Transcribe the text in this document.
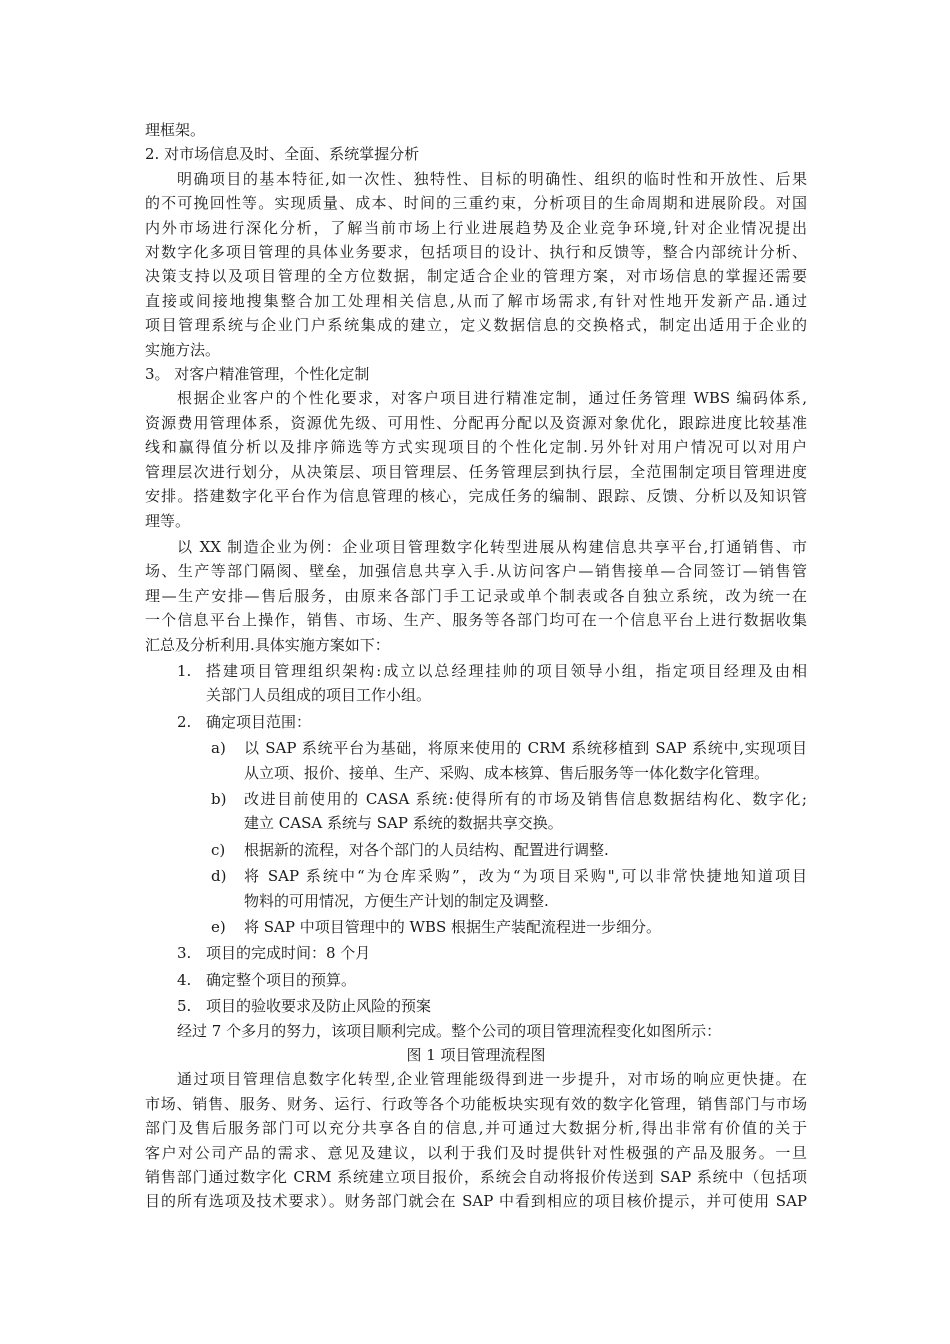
理框架。
2. 对市场信息及时、全面、系统掌握分析
明确项目的基本特征,如一次性、独特性、目标的明确性、组织的临时性和开放性、后果
的不可挽回性等。实现质量、成本、时间的三重约束，分析项目的生命周期和进展阶段。对国
内外市场进行深化分析，了解当前市场上行业进展趋势及企业竞争环境,针对企业情况提出
对数字化多项目管理的具体业务要求，包括项目的设计、执行和反馈等，整合内部统计分析、
决策支持以及项目管理的全方位数据，制定适合企业的管理方案，对市场信息的掌握还需要
直接或间接地搜集整合加工处理相关信息,从而了解市场需求,有针对性地开发新产品.通过
项目管理系统与企业门户系统集成的建立，定义数据信息的交换格式，制定出适用于企业的
实施方法。
3。 对客户精准管理，个性化定制
根据企业客户的个性化要求，对客户项目进行精准定制，通过任务管理 WBS 编码体系,
资源费用管理体系，资源优先级、可用性、分配再分配以及资源对象优化，跟踪进度比较基准
线和赢得值分析以及排序筛选等方式实现项目的个性化定制.另外针对用户情况可以对用户
管理层次进行划分，从决策层、项目管理层、任务管理层到执行层，全范围制定项目管理进度
安排。搭建数字化平台作为信息管理的核心，完成任务的编制、跟踪、反馈、分析以及知识管
理等。
以 XX 制造企业为例：企业项目管理数字化转型进展从构建信息共享平台,打通销售、市
场、生产等部门隔阂、壁垒，加强信息共享入手.从访问客户—销售接单—合同签订—销售管
理—生产安排—售后服务，由原来各部门手工记录或单个制表或各自独立系统，改为统一在
一个信息平台上操作，销售、市场、生产、服务等各部门均可在一个信息平台上进行数据收集
汇总及分析利用.具体实施方案如下：
1. 搭建项目管理组织架构:成立以总经理挂帅的项目领导小组，指定项目经理及由相
关部门人员组成的项目工作小组。
2. 确定项目范围：
a)	以 SAP 系统平台为基础，将原来使用的 CRM 系统移植到 SAP 系统中,实现项目
从立项、报价、接单、生产、采购、成本核算、售后服务等一体化数字化管理。
b)	改进目前使用的 CASA 系统:使得所有的市场及销售信息数据结构化、数字化;
建立 CASA 系统与 SAP 系统的数据共享交换。
c)	根据新的流程，对各个部门的人员结构、配置进行调整.
d)	将 SAP 系统中“为仓库采购”，改为“为项目采购",可以非常快捷地知道项目
物料的可用情况，方便生产计划的制定及调整.
e)	将 SAP 中项目管理中的 WBS 根据生产装配流程进一步细分。
3. 项目的完成时间：8 个月
4. 确定整个项目的预算。
5. 项目的验收要求及防止风险的预案
经过 7 个多月的努力，该项目顺利完成。整个公司的项目管理流程变化如图所示：
图 1 项目管理流程图
通过项目管理信息数字化转型,企业管理能级得到进一步提升，对市场的响应更快捷。在
市场、销售、服务、财务、运行、行政等各个功能板块实现有效的数字化管理，销售部门与市场
部门及售后服务部门可以充分共享各自的信息,并可通过大数据分析,得出非常有价值的关于
客户对公司产品的需求、意见及建议，以利于我们及时提供针对性极强的产品及服务。一旦
销售部门通过数字化 CRM 系统建立项目报价，系统会自动将报价传送到 SAP 系统中（包括项
目的所有选项及技术要求）。财务部门就会在 SAP 中看到相应的项目核价提示，并可使用 SAP
